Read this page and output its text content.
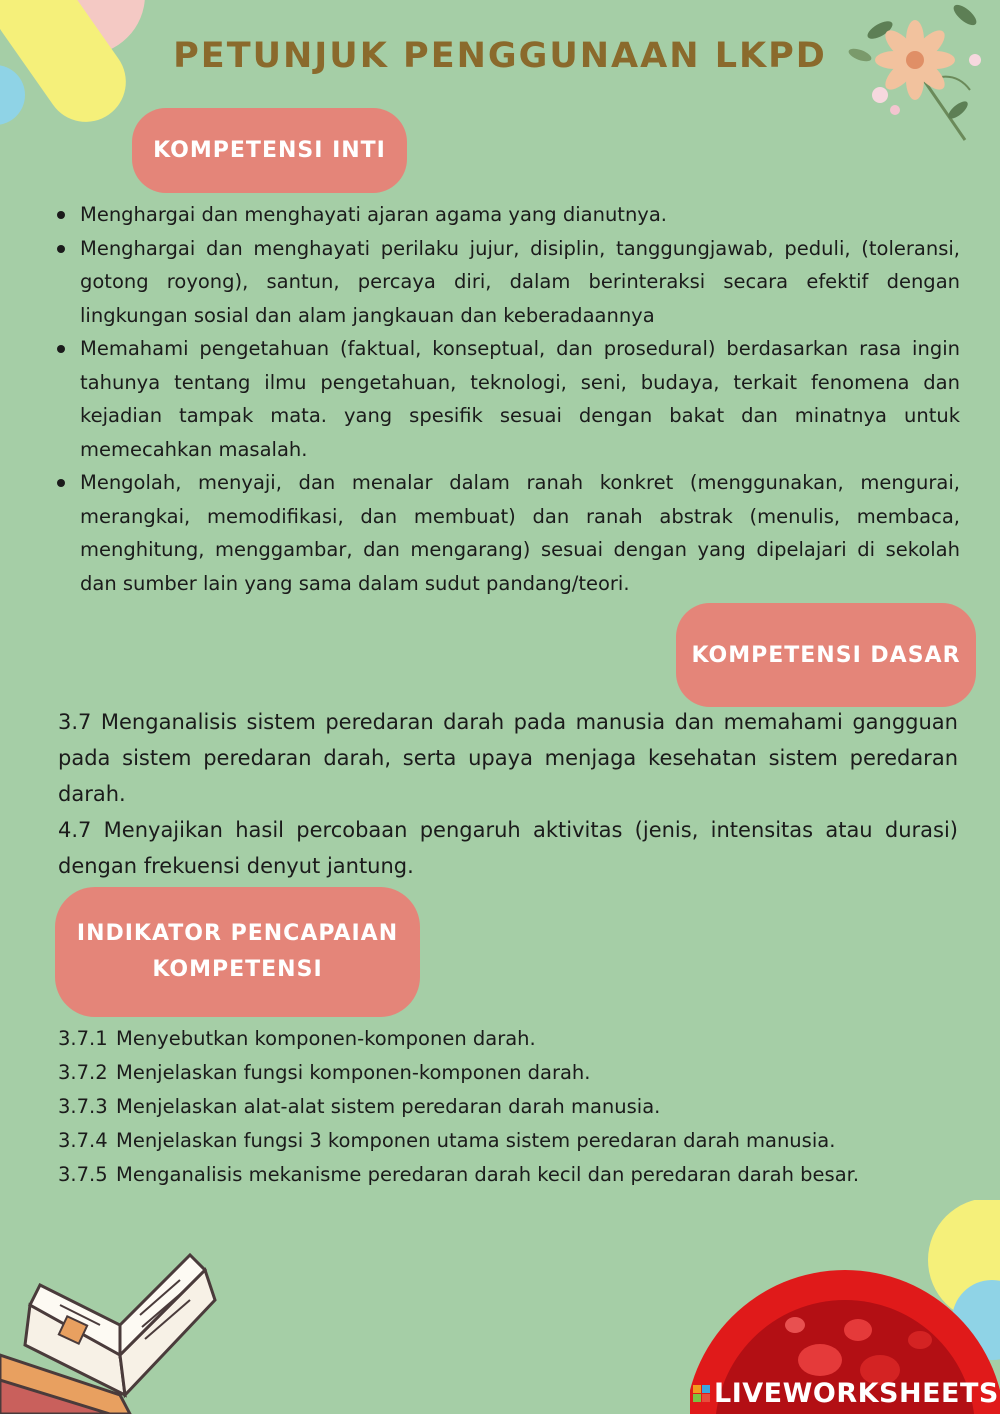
PETUNJUK PENGGUNAAN LKPD
KOMPETENSI INTI
Menghargai dan menghayati ajaran agama yang dianutnya.
Menghargai dan menghayati perilaku jujur, disiplin, tanggungjawab, peduli, (toleransi, gotong royong), santun, percaya diri, dalam berinteraksi secara efektif dengan lingkungan sosial dan alam jangkauan dan keberadaannya
Memahami pengetahuan (faktual, konseptual, dan prosedural) berdasarkan rasa ingin tahunya tentang ilmu pengetahuan, teknologi, seni, budaya, terkait fenomena dan kejadian tampak mata. yang spesifik sesuai dengan bakat dan minatnya untuk memecahkan masalah.
Mengolah, menyaji, dan menalar dalam ranah konkret (menggunakan, mengurai, merangkai, memodifikasi, dan membuat) dan ranah abstrak (menulis, membaca, menghitung, menggambar, dan mengarang) sesuai dengan yang dipelajari di sekolah dan sumber lain yang sama dalam sudut pandang/teori.
KOMPETENSI DASAR

3.7 Menganalisis sistem peredaran darah pada manusia dan memahami gangguan pada sistem peredaran darah, serta upaya menjaga kesehatan sistem peredaran darah.

4.7 Menyajikan hasil percobaan pengaruh aktivitas (jenis, intensitas atau durasi) dengan frekuensi denyut jantung.

INDIKATOR PENCAPAIAN
KOMPETENSI
3.7.1 Menyebutkan komponen-komponen darah.
3.7.2 Menjelaskan fungsi komponen-komponen darah.
3.7.3 Menjelaskan alat-alat sistem peredaran darah manusia.
3.7.4 Menjelaskan fungsi 3 komponen utama sistem peredaran darah manusia.
3.7.5 Menganalisis mekanisme peredaran darah kecil dan peredaran darah besar.
LIVEWORKSHEETS
